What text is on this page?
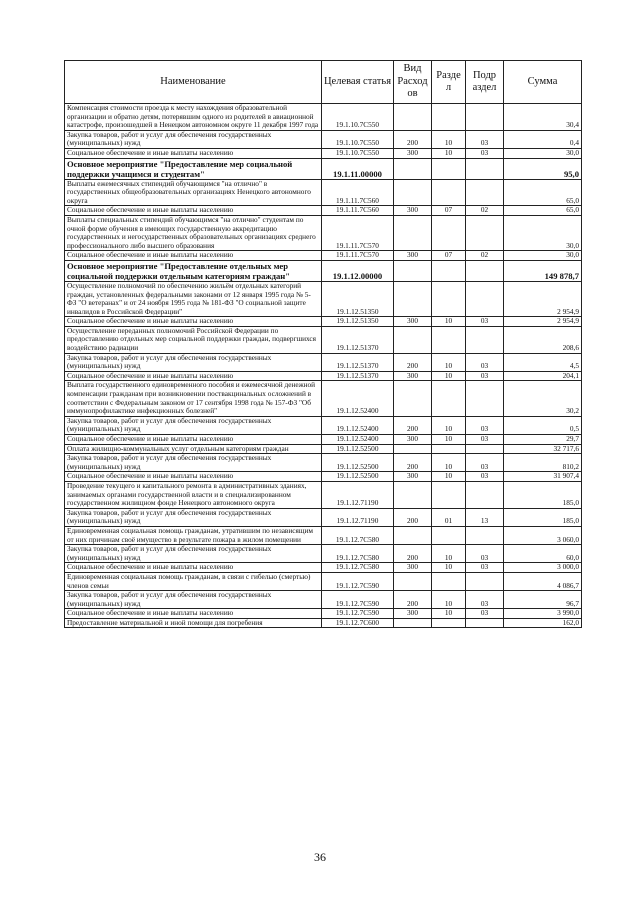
Наименование	Целевая статья	Вид Расход ов	Разде л	Подр аздел	Сумма
Компенсация стоимости проезда к месту нахождения образовательной организации и обратно детям, потерявшим одного из родителей в авиационной катастрофе, произошедшей в Ненецком автономном округе 11 декабря 1997 года	19.1.10.7С550				30,4
Закупка товаров, работ и услуг для обеспечения государственных (муниципальных) нужд	19.1.10.7С550	200	10	03	0,4
Социальное обеспечение и иные выплаты населению	19.1.10.7С550	300	10	03	30,0
Основное мероприятие "Предоставление мер социальной поддержки учащимся и студентам"	19.1.11.00000				95,0
Выплаты ежемесячных стипендий обучающимся "на отлично" в государственных общеобразовательных организациях Ненецкого автономного округа	19.1.11.7С560				65,0
Социальное обеспечение и иные выплаты населению	19.1.11.7С560	300	07	02	65,0
Выплаты специальных стипендий обучающимся "на отлично" студентам по очной форме обучения в имеющих государственную аккредитацию государственных и негосударственных образовательных организациях среднего профессионального либо высшего образования	19.1.11.7С570				30,0
Социальное обеспечение и иные выплаты населению	19.1.11.7С570	300	07	02	30,0
Основное мероприятие "Предоставление отдельных мер социальной поддержки отдельным категориям граждан"	19.1.12.00000				149 878,7
Осуществление полномочий по обеспечению жильём отдельных категорий граждан, установленных федеральными законами от 12 января 1995 года № 5-ФЗ "О ветеранах" и от 24 ноября 1995 года № 181-ФЗ "О социальной защите инвалидов в Российской Федерации"	19.1.12.51350				2 954,9
Социальное обеспечение и иные выплаты населению	19.1.12.51350	300	10	03	2 954,9
Осуществление переданных полномочий Российской Федерации по предоставлению отдельных мер социальной поддержки граждан, подвергшихся воздействию радиации	19.1.12.51370				208,6
Закупка товаров, работ и услуг для обеспечения государственных (муниципальных) нужд	19.1.12.51370	200	10	03	4,5
Социальное обеспечение и иные выплаты населению	19.1.12.51370	300	10	03	204,1
Выплата государственного единовременного пособия и ежемесячной денежной компенсации гражданам при возникновении поствакцинальных осложнений в соответствии с Федеральным законом от 17 сентября 1998 года № 157-ФЗ "Об иммунопрофилактике инфекционных болезней"	19.1.12.52400				30,2
Закупка товаров, работ и услуг для обеспечения государственных (муниципальных) нужд	19.1.12.52400	200	10	03	0,5
Социальное обеспечение и иные выплаты населению	19.1.12.52400	300	10	03	29,7
Оплата жилищно-коммунальных услуг отдельным категориям граждан	19.1.12.52500				32 717,6
Закупка товаров, работ и услуг для обеспечения государственных (муниципальных) нужд	19.1.12.52500	200	10	03	810,2
Социальное обеспечение и иные выплаты населению	19.1.12.52500	300	10	03	31 907,4
Проведение текущего и капитального ремонта в административных зданиях, занимаемых органами государственной власти и в специализированном государственном жилищном фонде Ненецкого автономного округа	19.1.12.71190				185,0
Закупка товаров, работ и услуг для обеспечения государственных (муниципальных) нужд	19.1.12.71190	200	01	13	185,0
Единовременная социальная помощь гражданам, утратившим по независящим от них причинам своё имущество в результате пожара в жилом помещении	19.1.12.7С580				3 060,0
Закупка товаров, работ и услуг для обеспечения государственных (муниципальных) нужд	19.1.12.7С580	200	10	03	60,0
Социальное обеспечение и иные выплаты населению	19.1.12.7С580	300	10	03	3 000,0
Единовременная социальная помощь гражданам, в связи с гибелью (смертью) членов семьи	19.1.12.7С590				4 086,7
Закупка товаров, работ и услуг для обеспечения государственных (муниципальных) нужд	19.1.12.7С590	200	10	03	96,7
Социальное обеспечение и иные выплаты населению	19.1.12.7С590	300	10	03	3 990,0
Предоставление материальной и иной помощи для погребения	19.1.12.7С600				162,0
36
